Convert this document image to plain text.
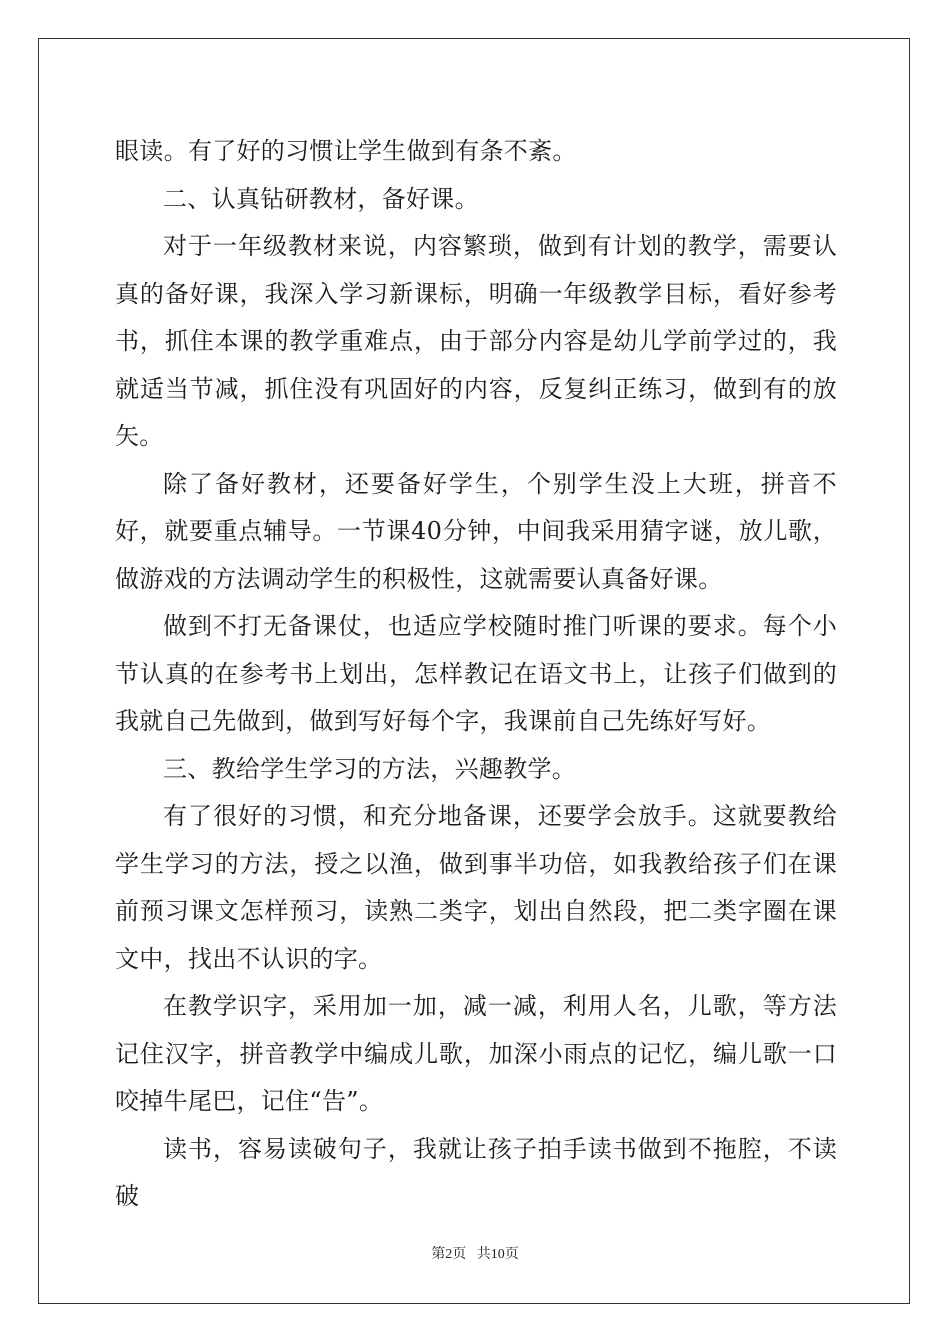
眼读。有了好的习惯让学生做到有条不紊。

二、认真钻研教材，备好课。

对于一年级教材来说，内容繁琐，做到有计划的教学，需要认真的备好课，我深入学习新课标，明确一年级教学目标，看好参考书，抓住本课的教学重难点，由于部分内容是幼儿学前学过的，我就适当节减，抓住没有巩固好的内容，反复纠正练习，做到有的放矢。

除了备好教材，还要备好学生，个别学生没上大班，拼音不好，就要重点辅导。一节课40分钟，中间我采用猜字谜，放儿歌，做游戏的方法调动学生的积极性，这就需要认真备好课。

做到不打无备课仗，也适应学校随时推门听课的要求。每个小节认真的在参考书上划出，怎样教记在语文书上，让孩子们做到的我就自己先做到，做到写好每个字，我课前自己先练好写好。

三、教给学生学习的方法，兴趣教学。

有了很好的习惯，和充分地备课，还要学会放手。这就要教给学生学习的方法，授之以渔，做到事半功倍，如我教给孩子们在课前预习课文怎样预习，读熟二类字，划出自然段，把二类字圈在课文中，找出不认识的字。

在教学识字，采用加一加，减一减，利用人名，儿歌，等方法记住汉字，拼音教学中编成儿歌，加深小雨点的记忆，编儿歌一口咬掉牛尾巴，记住“告”。

读书，容易读破句子，我就让孩子拍手读书做到不拖腔，不读破

第2页 共10页
